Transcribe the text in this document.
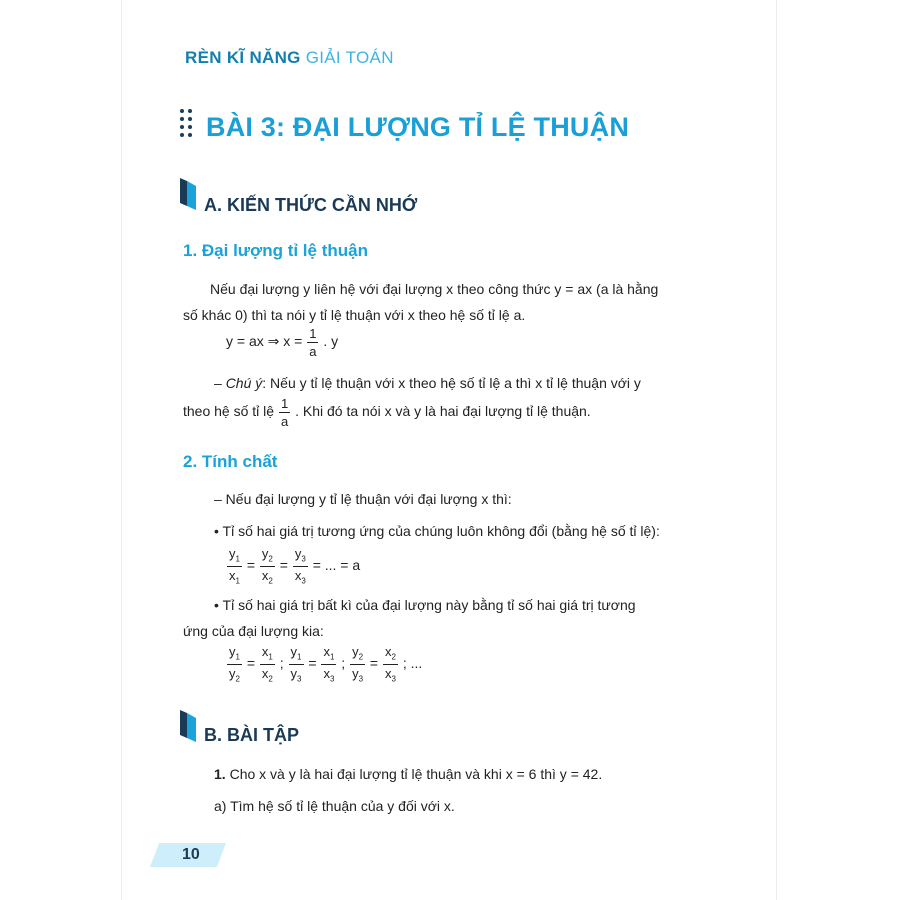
RÈN KĨ NĂNG GIẢI TOÁN
BÀI 3: ĐẠI LƯỢNG TỈ LỆ THUẬN
A. KIẾN THỨC CẦN NHỚ
1. Đại lượng tỉ lệ thuận
Nếu đại lượng y liên hệ với đại lượng x theo công thức y = ax (a là hằng
số khác 0) thì ta nói y tỉ lệ thuận với x theo hệ số tỉ lệ a.
y = ax ⇒ $x = \frac{1}{a}$ . y
– Chú ý: Nếu y tỉ lệ thuận với x theo hệ số tỉ lệ a thì x tỉ lệ thuận với y
theo hệ số tỉ lệ $\frac{1}{a}$ . Khi đó ta nói x và y là hai đại lượng tỉ lệ thuận.
2. Tính chất
– Nếu đại lượng y tỉ lệ thuận với đại lượng x thì:
• Tỉ số hai giá trị tương ứng của chúng luôn không đổi (bằng hệ số tỉ lệ):
$\frac{y_1}{x_1} = \frac{y_2}{x_2} = \frac{y_3}{x_3}$ = ... = a
• Tỉ số hai giá trị bất kì của đại lượng này bằng tỉ số hai giá trị tương
ứng của đại lượng kia:
$\frac{y_1}{y_2} = \frac{x_1}{x_2}$ ; $\frac{y_1}{y_3} = \frac{x_1}{x_3}$ ; $\frac{y_2}{y_3} = \frac{x_2}{x_3}$ ; ...
B. BÀI TẬP
1. Cho x và y là hai đại lượng tỉ lệ thuận và khi x = 6 thì y = 42.
a) Tìm hệ số tỉ lệ thuận của y đối với x.
10
